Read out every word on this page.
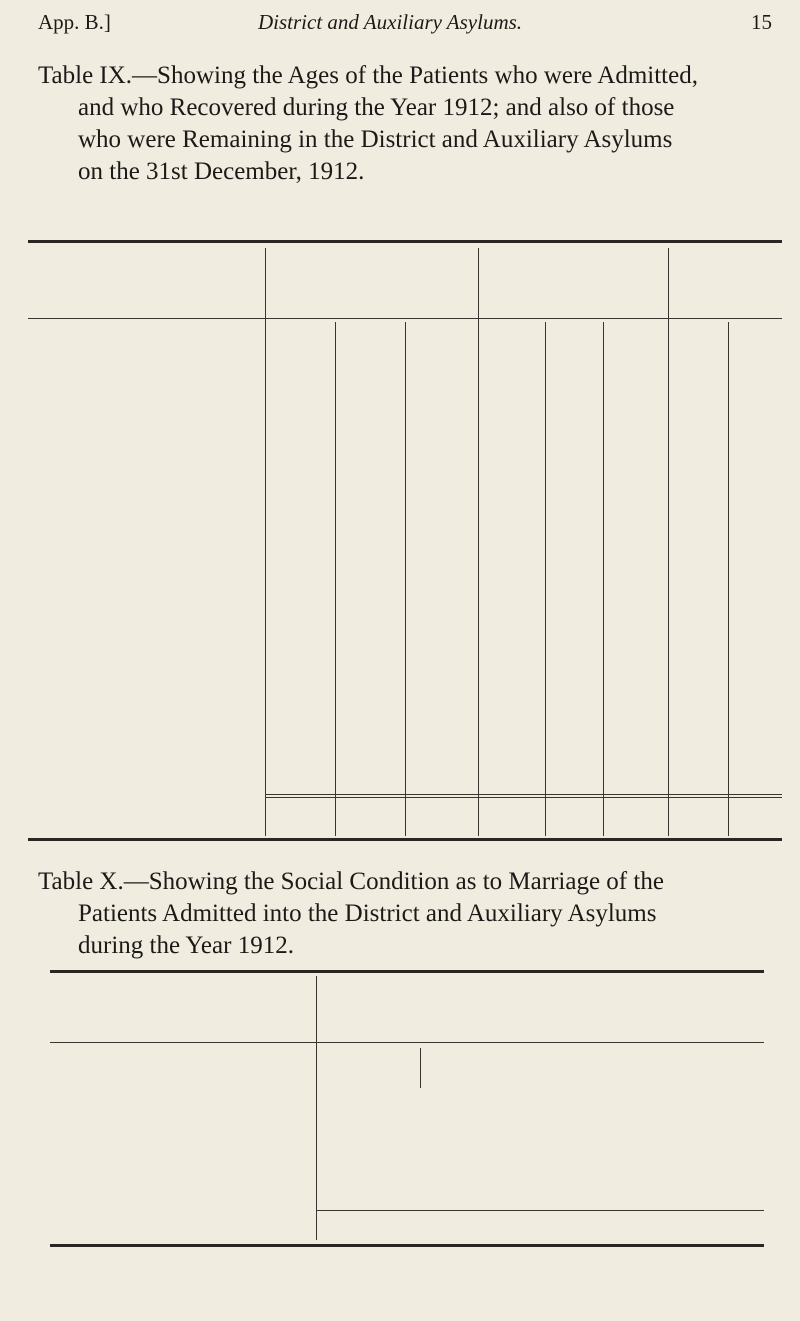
App. B.]	District and Auxiliary Asylums.	15
Table IX.—Showing the Ages of the Patients who were Admitted,
and who Recovered during the Year 1912; and also of those
who were Remaining in the District and Auxiliary Asylums
on the 31st December, 1912.
Table X.—Showing the Social Condition as to Marriage of the
Patients Admitted into the District and Auxiliary Asylums
during the Year 1912.
